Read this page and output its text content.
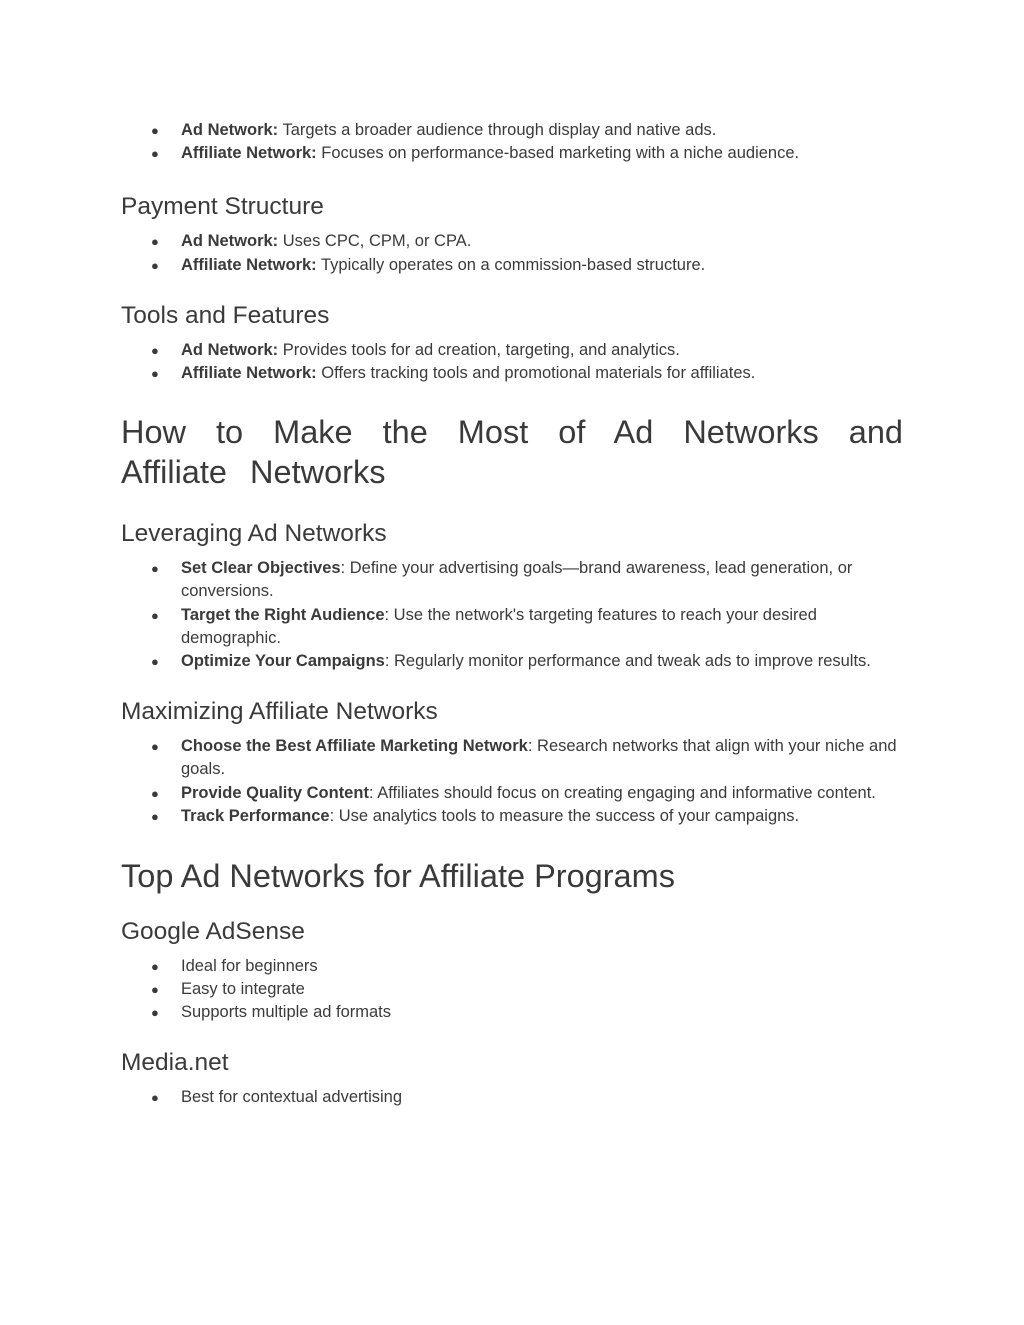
● Ad Network: Targets a broader audience through display and native ads.
● Affiliate Network: Focuses on performance-based marketing with a niche audience.
Payment Structure
● Ad Network: Uses CPC, CPM, or CPA.
● Affiliate Network: Typically operates on a commission-based structure.
Tools and Features
● Ad Network: Provides tools for ad creation, targeting, and analytics.
● Affiliate Network: Offers tracking tools and promotional materials for affiliates.
How to Make the Most of Ad Networks and Affiliate Networks
Leveraging Ad Networks
● Set Clear Objectives: Define your advertising goals—brand awareness, lead generation, or conversions.
● Target the Right Audience: Use the network's targeting features to reach your desired demographic.
● Optimize Your Campaigns: Regularly monitor performance and tweak ads to improve results.
Maximizing Affiliate Networks
● Choose the Best Affiliate Marketing Network: Research networks that align with your niche and goals.
● Provide Quality Content: Affiliates should focus on creating engaging and informative content.
● Track Performance: Use analytics tools to measure the success of your campaigns.
Top Ad Networks for Affiliate Programs
Google AdSense
● Ideal for beginners
● Easy to integrate
● Supports multiple ad formats
Media.net
● Best for contextual advertising
